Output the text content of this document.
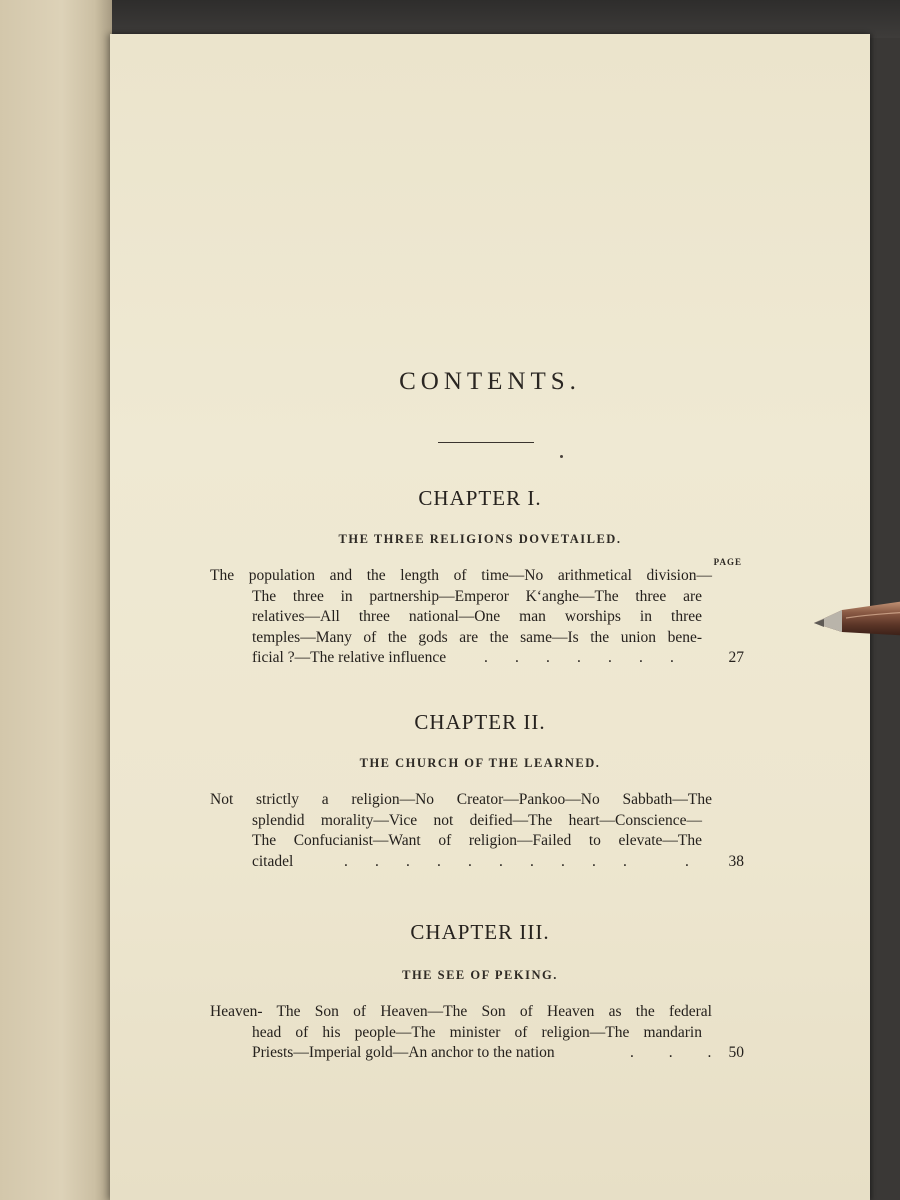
CONTENTS.
CHAPTER I.
THE THREE RELIGIONS DOVETAILED.
PAGE
The population and the length of time—No arithmetical division—
The three in partnership—Emperor K‘anghe—The three are
relatives—All three national—One man worships in three
temples—Many of the gods are the same—Is the union bene-
ficial ?—The relative influence	.       .       .       .       .       .       .	27
CHAPTER II.
THE CHURCH OF THE LEARNED.
Not strictly a religion—No Creator—Pankoo—No Sabbath—The
splendid morality—Vice not deified—The heart—Conscience—
The Confucianist—Want of religion—Failed to elevate—The
citadel	.       .       .       .       .       .       .       .       .       .               .	38
CHAPTER III.
THE SEE OF PEKING.
Heaven- The Son of Heaven—The Son of Heaven as the federal
head of his people—The minister of religion—The mandarin
Priests—Imperial gold—An anchor to the nation	.         .         . 50
